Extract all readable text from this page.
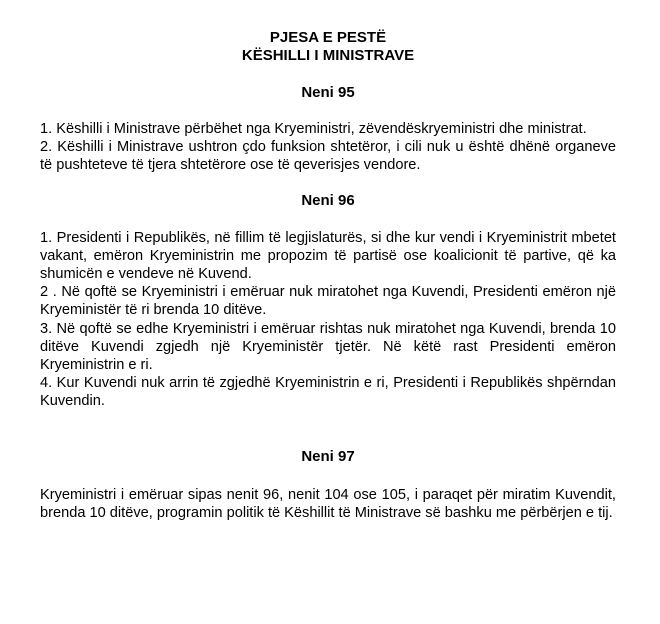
PJESA E PESTË
KËSHILLI I MINISTRAVE
Neni 95

1. Këshilli i Ministrave përbëhet nga Kryeministri, zëvendëskryeministri dhe ministrat.

2. Këshilli i Ministrave ushtron çdo funksion shtetëror, i cili nuk u është dhënë organeve të pushteteve të tjera shtetërore ose të qeverisjes vendore.

Neni 96

1. Presidenti i Republikës, në fillim të legjislaturës, si dhe kur vendi i Kryeministrit mbetet vakant, emëron Kryeministrin me propozim të partisë ose koalicionit të partive, që ka shumicën e vendeve në Kuvend.

2 . Në qoftë se Kryeministri i emëruar nuk miratohet nga Kuvendi, Presidenti emëron një Kryeministër të ri brenda 10 ditëve.

3. Në qoftë se edhe Kryeministri i emëruar rishtas nuk miratohet nga Kuvendi, brenda 10 ditëve Kuvendi zgjedh një Kryeministër tjetër. Në këtë rast Presidenti emëron Kryeministrin e ri.

4. Kur Kuvendi nuk arrin të zgjedhë Kryeministrin e ri, Presidenti i Republikës shpërndan Kuvendin.

Neni 97

Kryeministri i emëruar sipas nenit 96, nenit 104 ose 105, i paraqet për miratim Kuvendit, brenda 10 ditëve, programin politik të Këshillit të Ministrave së bashku me përbërjen e tij.
